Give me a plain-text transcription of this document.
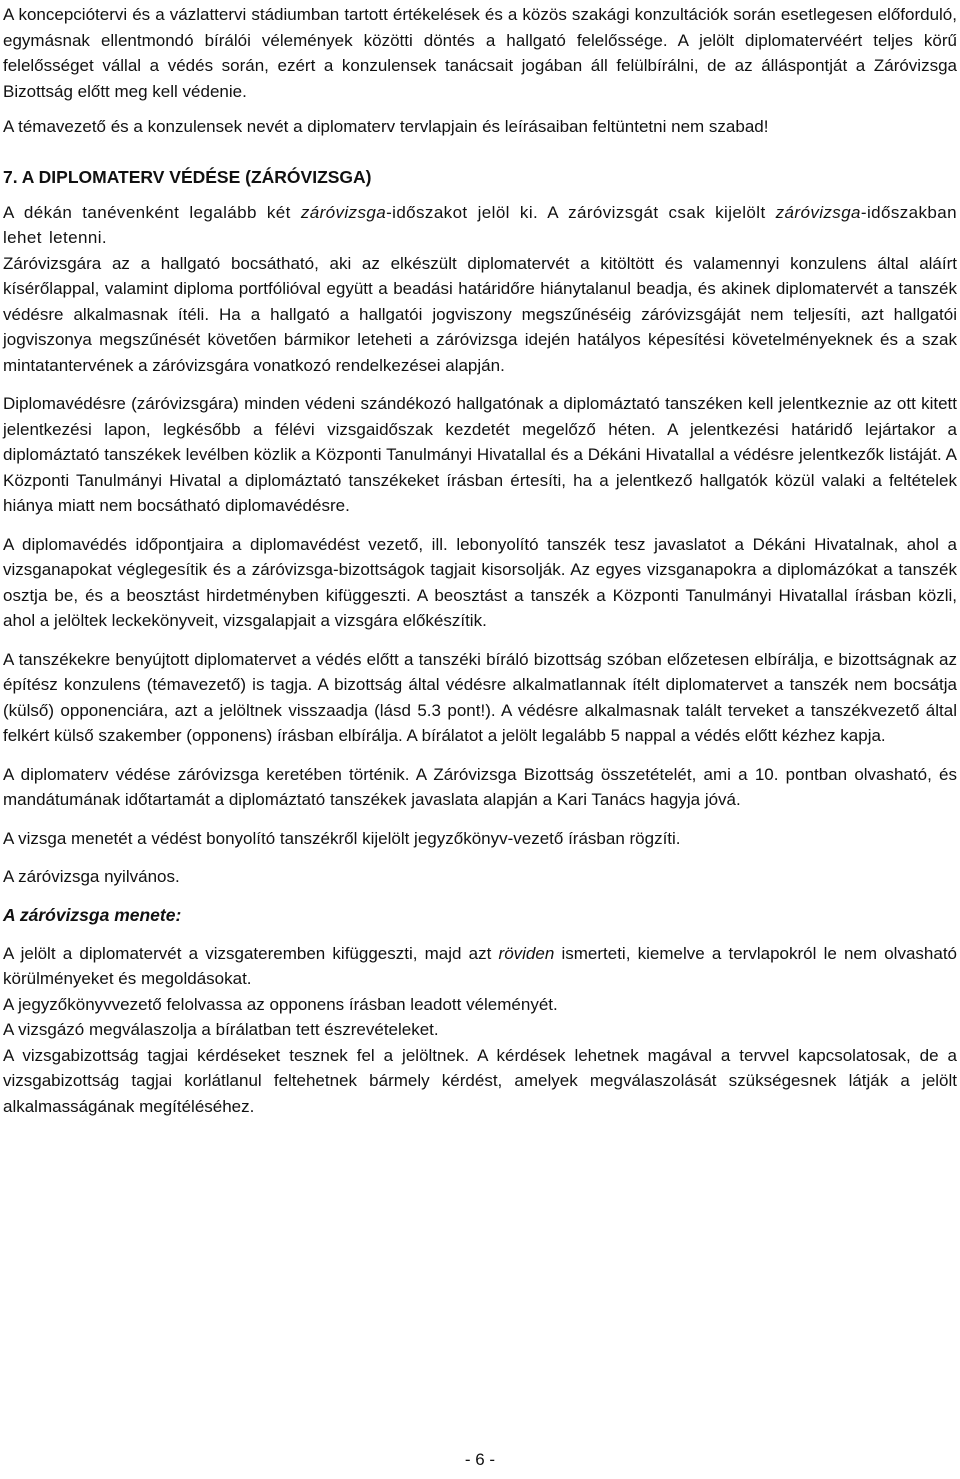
A koncepciótervi és a vázlattervi stádiumban tartott értékelések és a közös szakági konzultációk során esetlegesen előforduló, egymásnak ellentmondó bírálói vélemények közötti döntés a hallgató felelőssége. A jelölt diplomatervéért teljes körű felelősséget vállal a védés során, ezért a konzulensek tanácsait jogában áll felülbírálni, de az álláspontját a Záróvizsga Bizottság előtt meg kell védenie.

A témavezető és a konzulensek nevét a diplomaterv tervlapjain és leírásaiban feltüntetni nem szabad!

7. A DIPLOMATERV VÉDÉSE (ZÁRÓVIZSGA)

A dékán tanévenként legalább két záróvizsga-időszakot jelöl ki. A záróvizsgát csak kijelölt záróvizsga-időszakban lehet letenni.

Záróvizsgára az a hallgató bocsátható, aki az elkészült diplomatervét a kitöltött és valamennyi konzulens által aláírt kísérőlappal, valamint diploma portfólióval együtt a beadási határidőre hiánytalanul beadja, és akinek diplomatervét a tanszék védésre alkalmasnak ítéli. Ha a hallgató a hallgatói jogviszony megszűnéséig záróvizsgáját nem teljesíti, azt hallgatói jogviszonya megszűnését követően bármikor leteheti a záróvizsga idején hatályos képesítési követelményeknek és a szak mintatantervének a záróvizsgára vonatkozó rendelkezései alapján.

Diplomavédésre (záróvizsgára) minden védeni szándékozó hallgatónak a diplomáztató tanszéken kell jelentkeznie az ott kitett jelentkezési lapon, legkésőbb a félévi vizsgaidőszak kezdetét megelőző héten. A jelentkezési határidő lejártakor a diplomáztató tanszékek levélben közlik a Központi Tanulmányi Hivatallal és a Dékáni Hivatallal a védésre jelentkezők listáját. A Központi Tanulmányi Hivatal a diplomáztató tanszékeket írásban értesíti, ha a jelentkező hallgatók közül valaki a feltételek hiánya miatt nem bocsátható diplomavédésre.

A diplomavédés időpontjaira a diplomavédést vezető, ill. lebonyolító tanszék tesz javaslatot a Dékáni Hivatalnak, ahol a vizsganapokat véglegesítik és a záróvizsga-bizottságok tagjait kisorsolják. Az egyes vizsganapokra a diplomázókat a tanszék osztja be, és a beosztást hirdetményben kifüggeszti. A beosztást a tanszék a Központi Tanulmányi Hivatallal írásban közli, ahol a jelöltek leckekönyveit, vizsgalapjait a vizsgára előkészítik.

A tanszékekre benyújtott diplomatervet a védés előtt a tanszéki bíráló bizottság szóban előzetesen elbírálja, e bizottságnak az építész konzulens (témavezető) is tagja. A bizottság által védésre alkalmatlannak ítélt diplomatervet a tanszék nem bocsátja (külső) opponenciára, azt a jelöltnek visszaadja (lásd 5.3 pont!). A védésre alkalmasnak talált terveket a tanszékvezető által felkért külső szakember (opponens) írásban elbírálja. A bírálatot a jelölt legalább 5 nappal a védés előtt kézhez kapja.

A diplomaterv védése záróvizsga keretében történik. A Záróvizsga Bizottság összetételét, ami a 10. pontban olvasható, és mandátumának időtartamát a diplomáztató tanszékek javaslata alapján a Kari Tanács hagyja jóvá.

A vizsga menetét a védést bonyolító tanszékről kijelölt jegyzőkönyv-vezető írásban rögzíti.

A záróvizsga nyilvános.

A záróvizsga menete:

A jelölt a diplomatervét a vizsgateremben kifüggeszti, majd azt röviden ismerteti, kiemelve a tervlapokról le nem olvasható körülményeket és megoldásokat.

A jegyzőkönyvvezető felolvassa az opponens írásban leadott véleményét.

A vizsgázó megválaszolja a bírálatban tett észrevételeket.

A vizsgabizottság tagjai kérdéseket tesznek fel a jelöltnek. A kérdések lehetnek magával a tervvel kapcsolatosak, de a vizsgabizottság tagjai korlátlanul feltehetnek bármely kérdést, amelyek megválaszolását szükségesnek látják a jelölt alkalmasságának megítéléséhez.

- 6 -
